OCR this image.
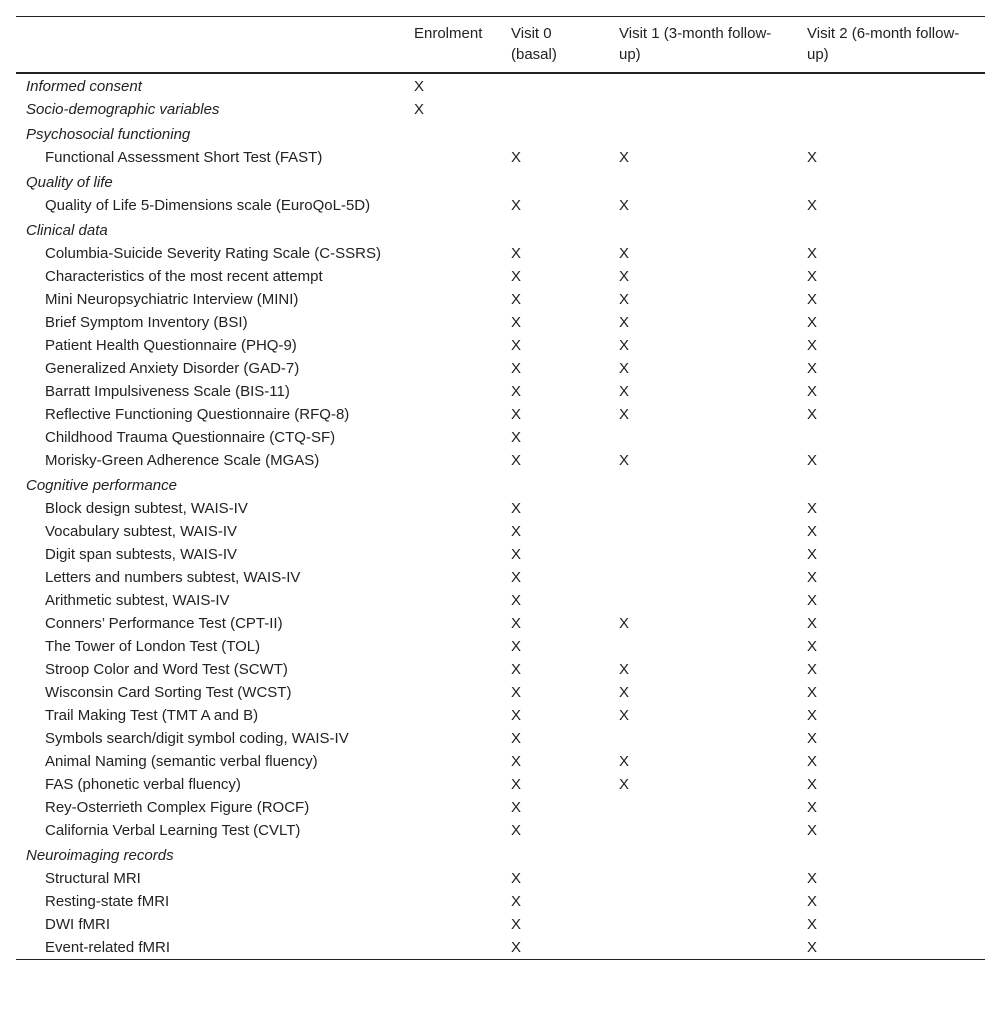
	Enrolment	Visit 0 (basal)	Visit 1 (3-month follow-up)	Visit 2 (6-month follow-up)
Informed consent	X			
Socio-demographic variables	X			
Psychosocial functioning				
Functional Assessment Short Test (FAST)		X	X	X
Quality of life				
Quality of Life 5-Dimensions scale (EuroQoL-5D)		X	X	X
Clinical data				
Columbia-Suicide Severity Rating Scale (C-SSRS)		X	X	X
Characteristics of the most recent attempt		X	X	X
Mini Neuropsychiatric Interview (MINI)		X	X	X
Brief Symptom Inventory (BSI)		X	X	X
Patient Health Questionnaire (PHQ-9)		X	X	X
Generalized Anxiety Disorder (GAD-7)		X	X	X
Barratt Impulsiveness Scale (BIS-11)		X	X	X
Reflective Functioning Questionnaire (RFQ-8)		X	X	X
Childhood Trauma Questionnaire (CTQ-SF)		X		
Morisky-Green Adherence Scale (MGAS)		X	X	X
Cognitive performance				
Block design subtest, WAIS-IV		X		X
Vocabulary subtest, WAIS-IV		X		X
Digit span subtests, WAIS-IV		X		X
Letters and numbers subtest, WAIS-IV		X		X
Arithmetic subtest, WAIS-IV		X		X
Conners’ Performance Test (CPT-II)		X	X	X
The Tower of London Test (TOL)		X		X
Stroop Color and Word Test (SCWT)		X	X	X
Wisconsin Card Sorting Test (WCST)		X	X	X
Trail Making Test (TMT A and B)		X	X	X
Symbols search/digit symbol coding, WAIS-IV		X		X
Animal Naming (semantic verbal fluency)		X	X	X
FAS (phonetic verbal fluency)		X	X	X
Rey-Osterrieth Complex Figure (ROCF)		X		X
California Verbal Learning Test (CVLT)		X		X
Neuroimaging records				
Structural MRI		X		X
Resting-state fMRI		X		X
DWI fMRI		X		X
Event-related fMRI		X		X
